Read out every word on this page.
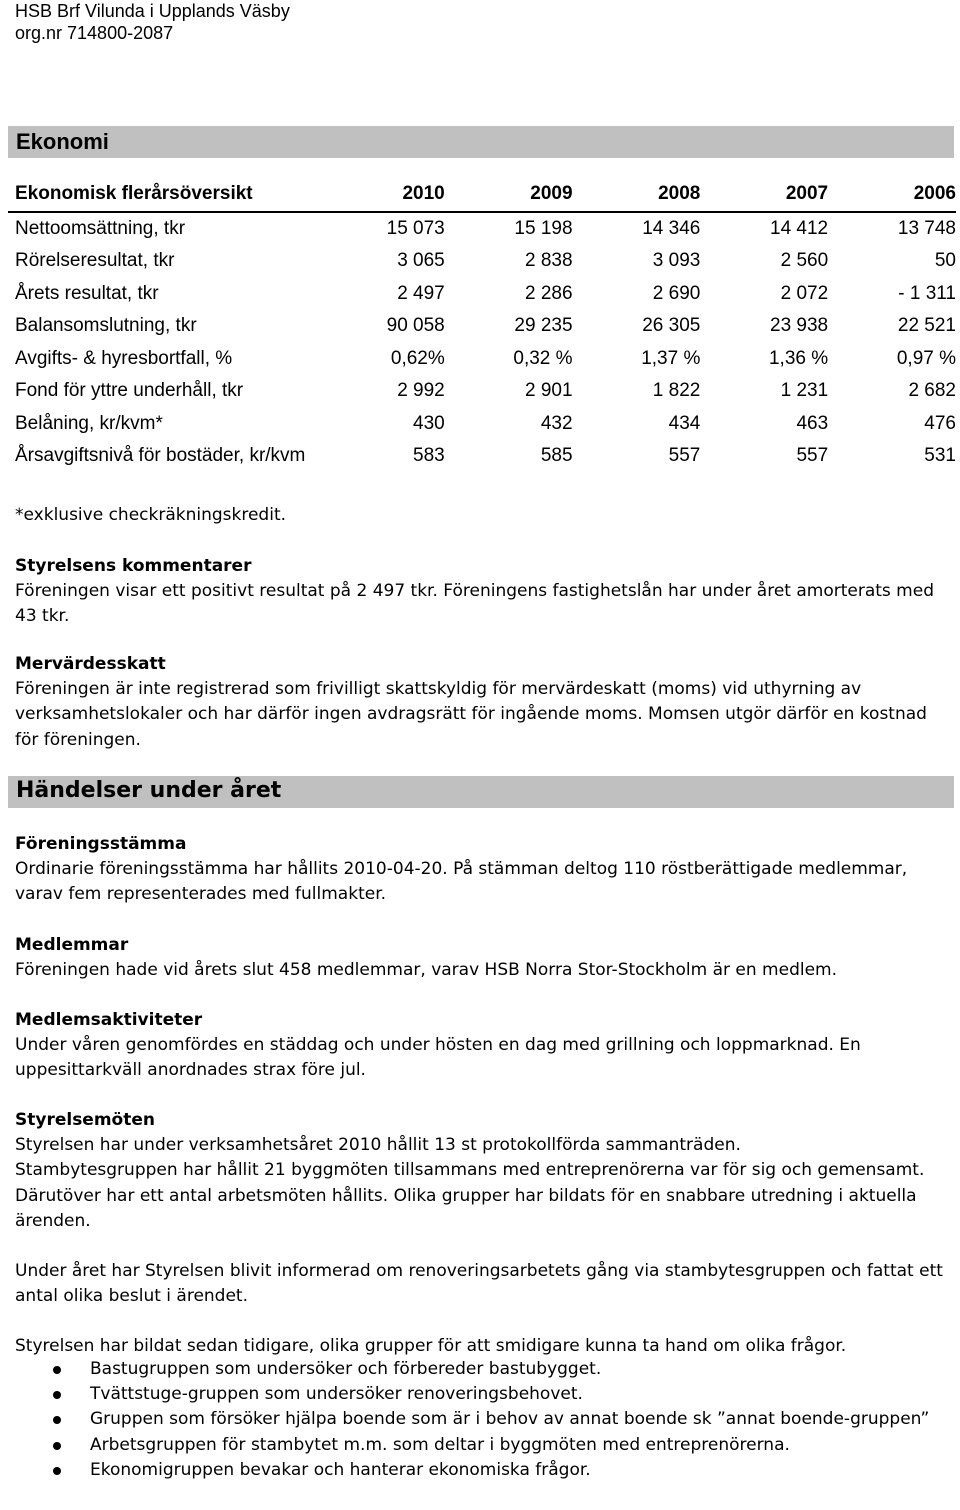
HSB Brf Vilunda i Upplands Väsby
org.nr 714800-2087
Ekonomi
Ekonomisk flerårsöversikt	2010	2009	2008	2007	2006
Nettoomsättning, tkr	15 073	15 198	14 346	14 412	13 748
Rörelseresultat, tkr	3 065	2 838	3 093	2 560	50
Årets resultat, tkr	2 497	2 286	2 690	2 072	- 1 311
Balansomslutning, tkr	90 058	29 235	26 305	23 938	22 521
Avgifts- & hyresbortfall, %	0,62%	0,32 %	1,37 %	1,36 %	0,97 %
Fond för yttre underhåll, tkr	2 992	2 901	1 822	1 231	2 682
Belåning, kr/kvm*	430	432	434	463	476
Årsavgiftsnivå för bostäder, kr/kvm	583	585	557	557	531
*exklusive checkräkningskredit.

Styrelsens kommentarer

Föreningen visar ett positivt resultat på 2 497 tkr. Föreningens fastighetslån har under året amorterats med 43 tkr.

Mervärdesskatt

Föreningen är inte registrerad som frivilligt skattskyldig för mervärdeskatt (moms) vid uthyrning av verksamhetslokaler och har därför ingen avdragsrätt för ingående moms. Momsen utgör därför en kostnad för föreningen.

Händelser under året

Föreningsstämma

Ordinarie föreningsstämma har hållits 2010-04-20. På stämman deltog 110 röstberättigade medlemmar, varav fem representerades med fullmakter.

Medlemmar

Föreningen hade vid årets slut 458 medlemmar, varav HSB Norra Stor-Stockholm är en medlem.

Medlemsaktiviteter

Under våren genomfördes en städdag och under hösten en dag med grillning och loppmarknad. En uppesittarkväll anordnades strax före jul.

Styrelsemöten

Styrelsen har under verksamhetsåret 2010 hållit 13 st protokollförda sammanträden.

Stambytesgruppen har hållit 21 byggmöten tillsammans med entreprenörerna var för sig och gemensamt. Därutöver har ett antal arbetsmöten hållits. Olika grupper har bildats för en snabbare utredning i aktuella ärenden.

Under året har Styrelsen blivit informerad om renoveringsarbetets gång via stambytesgruppen och fattat ett antal olika beslut i ärendet.
Styrelsen har bildat sedan tidigare, olika grupper för att smidigare kunna ta hand om olika frågor.
Bastugruppen som undersöker och förbereder bastubygget.
Tvättstuge-gruppen som undersöker renoveringsbehovet.
Gruppen som försöker hjälpa boende som är i behov av annat boende sk ”annat boende-gruppen”
Arbetsgruppen för stambytet m.m. som deltar i byggmöten med entreprenörerna.
Ekonomigruppen bevakar och hanterar ekonomiska frågor.
